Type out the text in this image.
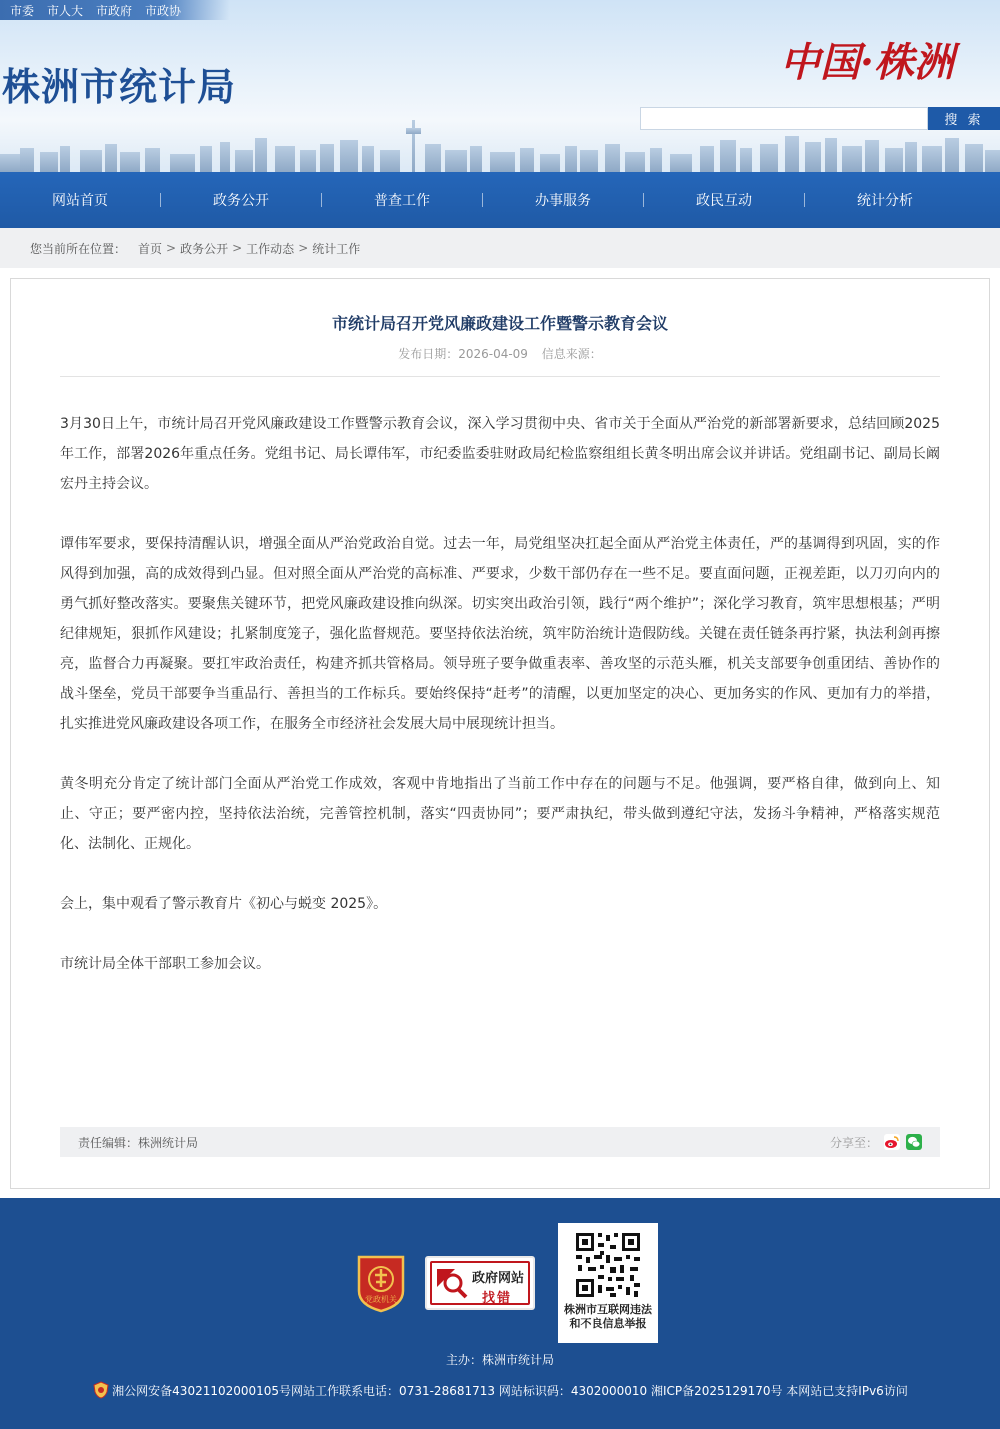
市委 市人大 市政府 市政协
株洲市统计局
中国·株洲
搜 索
网站首页	政务公开	普查工作	办事服务	政民互动	统计分析
您当前所在位置： 首页 > 政务公开 > 工作动态 > 统计工作
市统计局召开党风廉政建设工作暨警示教育会议
发布日期：2026-04-09 信息来源：

3月30日上午，市统计局召开党风廉政建设工作暨警示教育会议，深入学习贯彻中央、省市关于全面从严治党的新部署新要求，总结回顾2025年工作，部署2026年重点任务。党组书记、局长谭伟军，市纪委监委驻财政局纪检监察组组长黄冬明出席会议并讲话。党组副书记、副局长阚宏丹主持会议。

谭伟军要求，要保持清醒认识，增强全面从严治党政治自觉。过去一年，局党组坚决扛起全面从严治党主体责任，严的基调得到巩固，实的作风得到加强，高的成效得到凸显。但对照全面从严治党的高标准、严要求，少数干部仍存在一些不足。要直面问题，正视差距，以刀刃向内的勇气抓好整改落实。要聚焦关键环节，把党风廉政建设推向纵深。切实突出政治引领，践行“两个维护”；深化学习教育，筑牢思想根基；严明纪律规矩，狠抓作风建设；扎紧制度笼子，强化监督规范。要坚持依法治统，筑牢防治统计造假防线。关键在责任链条再拧紧，执法利剑再擦亮，监督合力再凝聚。要扛牢政治责任，构建齐抓共管格局。领导班子要争做重表率、善攻坚的示范头雁，机关支部要争创重团结、善协作的战斗堡垒，党员干部要争当重品行、善担当的工作标兵。要始终保持“赶考”的清醒，以更加坚定的决心、更加务实的作风、更加有力的举措，扎实推进党风廉政建设各项工作，在服务全市经济社会发展大局中展现统计担当。

黄冬明充分肯定了统计部门全面从严治党工作成效，客观中肯地指出了当前工作中存在的问题与不足。他强调，要严格自律，做到向上、知止、守正；要严密内控，坚持依法治统，完善管控机制，落实“四责协同”；要严肃执纪，带头做到遵纪守法，发扬斗争精神，严格落实规范化、法制化、正规化。

会上，集中观看了警示教育片《初心与蜕变 2025》。

市统计局全体干部职工参加会议。

责任编辑：株洲统计局	分享至：
党政机关
政府网站
找错
株洲市互联网违法
和不良信息举报
主办：株洲市统计局
湘公网安备43021102000105号网站工作联系电话：0731-28681713 网站标识码：4302000010 湘ICP备2025129170号 本网站已支持IPv6访问
